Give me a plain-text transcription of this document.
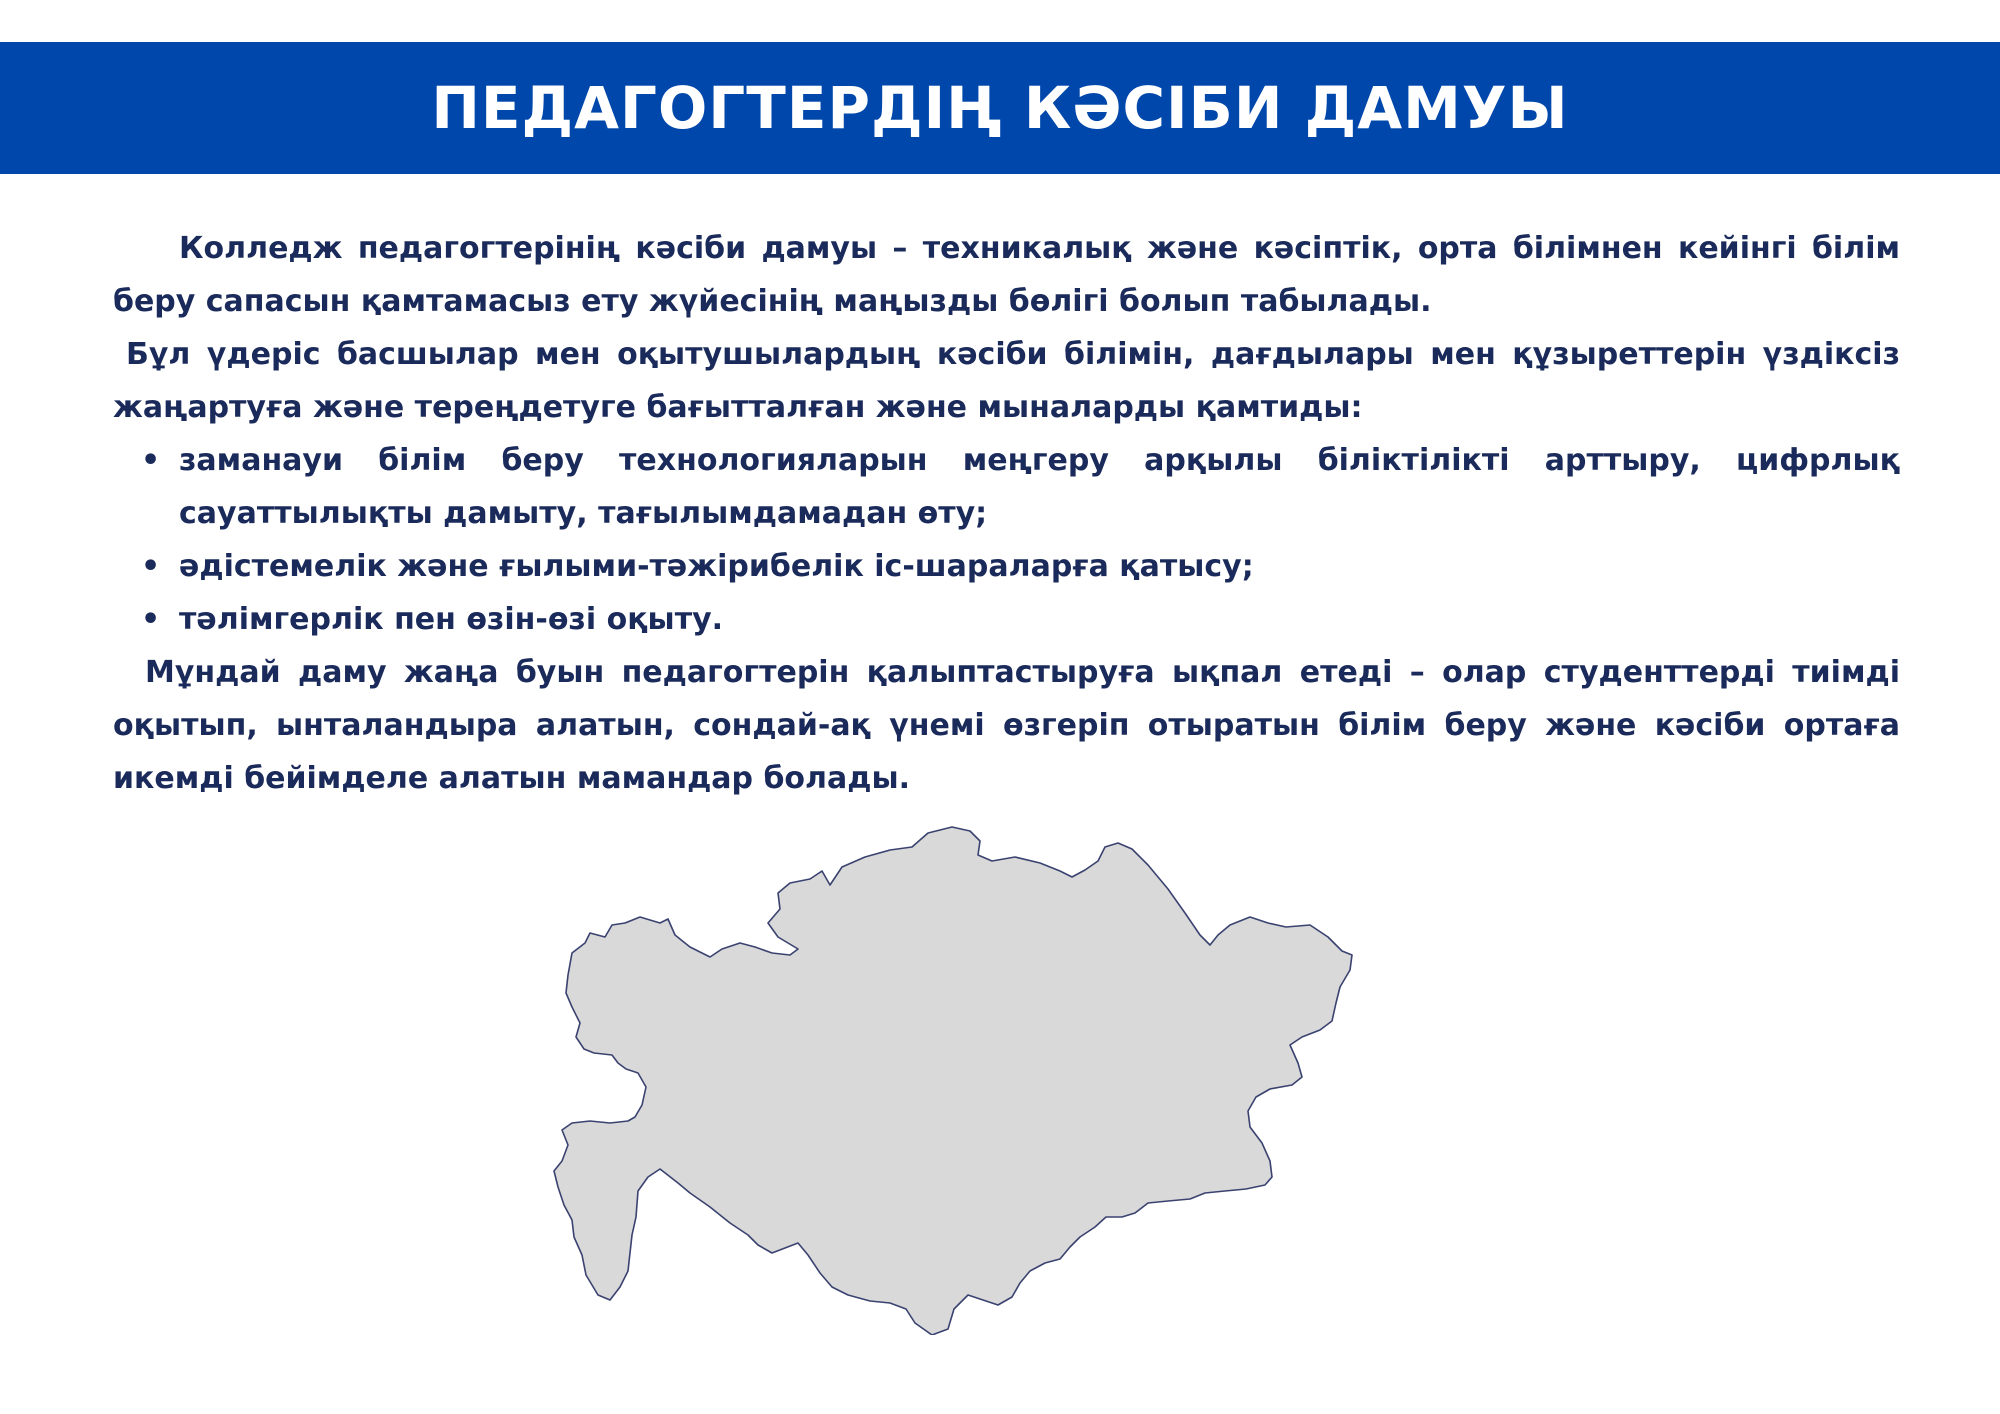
ПЕДАГОГТЕРДІҢ КӘСІБИ ДАМУЫ

Колледж педагогтерінің кәсіби дамуы – техникалық және кәсіптік, орта білімнен кейінгі білім беру сапасын қамтамасыз ету жүйесінің маңызды бөлігі болып табылады.

Бұл үдеріс басшылар мен оқытушылардың кәсіби білімін, дағдылары мен құзыреттерін үздіксіз жаңартуға және тереңдетуге бағытталған және мыналарды қамтиды:

• заманауи білім беру технологияларын меңгеру арқылы біліктілікті арттыру, цифрлық сауаттылықты дамыту, тағылымдамадан өту;
• әдістемелік және ғылыми-тәжірибелік іс-шараларға қатысу;
• тәлімгерлік пен өзін-өзі оқыту.

Мұндай даму жаңа буын педагогтерін қалыптастыруға ықпал етеді – олар студенттерді тиімді оқытып, ынталандыра алатын, сондай-ақ үнемі өзгеріп отыратын білім беру және кәсіби ортаға икемді бейімделе алатын мамандар болады.
